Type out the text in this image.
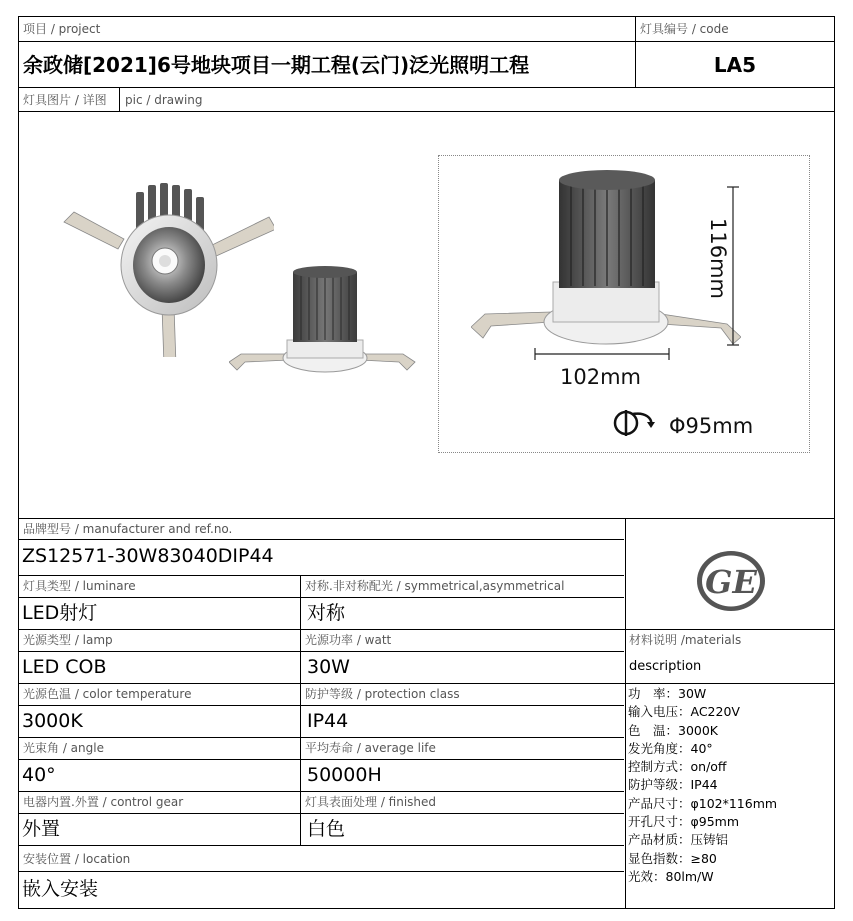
项目 / project	灯具编号 / code
余政储[2021]6号地块项目一期工程(云门)泛光照明工程	LA5
灯具图片 / 详图 pic / drawing
116mm
102mm
Φ95mm
品牌型号 / manufacturer and ref.no.
ZS12571-30W83040DIP44
灯具类型 / luminare	对称.非对称配光 / symmetrical,asymmetrical
LED射灯	对称
光源类型 / lamp	光源功率 / watt
LED COB	30W
光源色温 / color temperature	防护等级 / protection class
3000K	IP44
光束角 / angle	平均寿命 / average life
40°	50000H
电器内置.外置 / control gear	灯具表面处理 / finished
外置	白色
安装位置 / location
嵌入安装
GE
材料说明 /materials
description
功　率：30W
输入电压：AC220V
色　温：3000K
发光角度：40°
控制方式：on/off
防护等级：IP44
产品尺寸：φ102*116mm
开孔尺寸：φ95mm
产品材质：压铸铝
显色指数：≥80
光效：80lm/W
